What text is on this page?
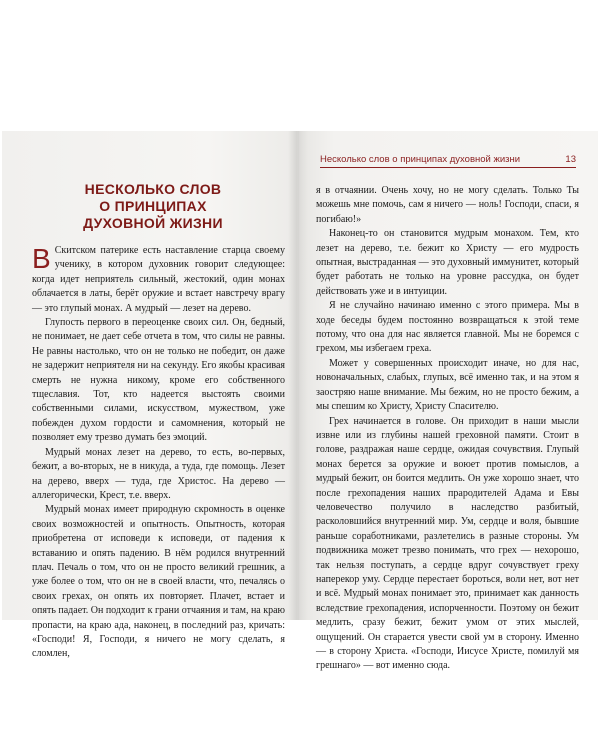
НЕСКОЛЬКО СЛОВ
О ПРИНЦИПАХ
ДУХОВНОЙ ЖИЗНИ

В Скитском патерике есть наставление старца своему ученику, в котором духовник говорит следующее: когда идет неприятель сильный, жестокий, один монах облачается в латы, берёт оружие и встает навстречу врагу — это глупый монах. А мудрый — лезет на дерево.

Глупость первого в переоценке своих сил. Он, бедный, не понимает, не дает себе отчета в том, что силы не равны. Не равны настолько, что он не только не победит, он даже не задержит неприятеля ни на секунду. Его якобы красивая смерть не нужна никому, кроме его собственного тщеславия. Тот, кто надеется выстоять своими собственными силами, искусством, мужеством, уже побежден духом гордости и самомнения, который не позволяет ему трезво думать без эмоций.

Мудрый монах лезет на дерево, то есть, во-первых, бежит, а во-вторых, не в никуда, а туда, где помощь. Лезет на дерево, вверх — туда, где Христос. На дерево — аллегорически, Крест, т.е. вверх.

Мудрый монах имеет природную скромность в оценке своих возможностей и опытность. Опытность, которая приобретена от исповеди к исповеди, от падения к вставанию и опять падению. В нём родился внутренний плач. Печаль о том, что он не просто великий грешник, а уже более о том, что он не в своей власти, что, печалясь о своих грехах, он опять их повторяет. Плачет, встает и опять падает. Он подходит к грани отчаяния и там, на краю пропасти, на краю ада, наконец, в последний раз, кричать: «Господи! Я, Господи, я ничего не могу сделать, я сломлен,

Несколько слов о принципах духовной жизни	13

я в отчаянии. Очень хочу, но не могу сделать. Только Ты можешь мне помочь, сам я ничего — ноль! Господи, спаси, я погибаю!»

Наконец-то он становится мудрым монахом. Тем, кто лезет на дерево, т.е. бежит ко Христу — его мудрость опытная, выстраданная — это духовный иммунитет, который будет работать не только на уровне рассудка, он будет действовать уже и в интуиции.

Я не случайно начинаю именно с этого примера. Мы в ходе беседы будем постоянно возвращаться к этой теме потому, что она для нас является главной. Мы не боремся с грехом, мы избегаем греха.

Может у совершенных происходит иначе, но для нас, новоначальных, слабых, глупых, всё именно так, и на этом я заостряю наше внимание. Мы бежим, но не просто бежим, а мы спешим ко Христу, Христу Спасителю.

Грех начинается в голове. Он приходит в наши мысли извне или из глубины нашей греховной памяти. Стоит в голове, раздражая наше сердце, ожидая сочувствия. Глупый монах берется за оружие и воюет против помыслов, а мудрый бежит, он боится медлить. Он уже хорошо знает, что после грехопадения наших прародителей Адама и Евы человечество получило в наследство разбитый, расколовшийся внутренний мир. Ум, сердце и воля, бывшие раньше соработниками, разлетелись в разные стороны. Ум подвижника может трезво понимать, что грех — нехорошо, так нельзя поступать, а сердце вдруг сочувствует греху наперекор уму. Сердце перестает бороться, воли нет, вот нет и всё. Мудрый монах понимает это, принимает как данность вследствие грехопадения, испорченности. Поэтому он бежит медлить, сразу бежит, бежит умом от этих мыслей, ощущений. Он старается увести свой ум в сторону. Именно — в сторону Христа. «Господи, Иисусе Христе, помилуй мя грешнаго» — вот именно сюда.
